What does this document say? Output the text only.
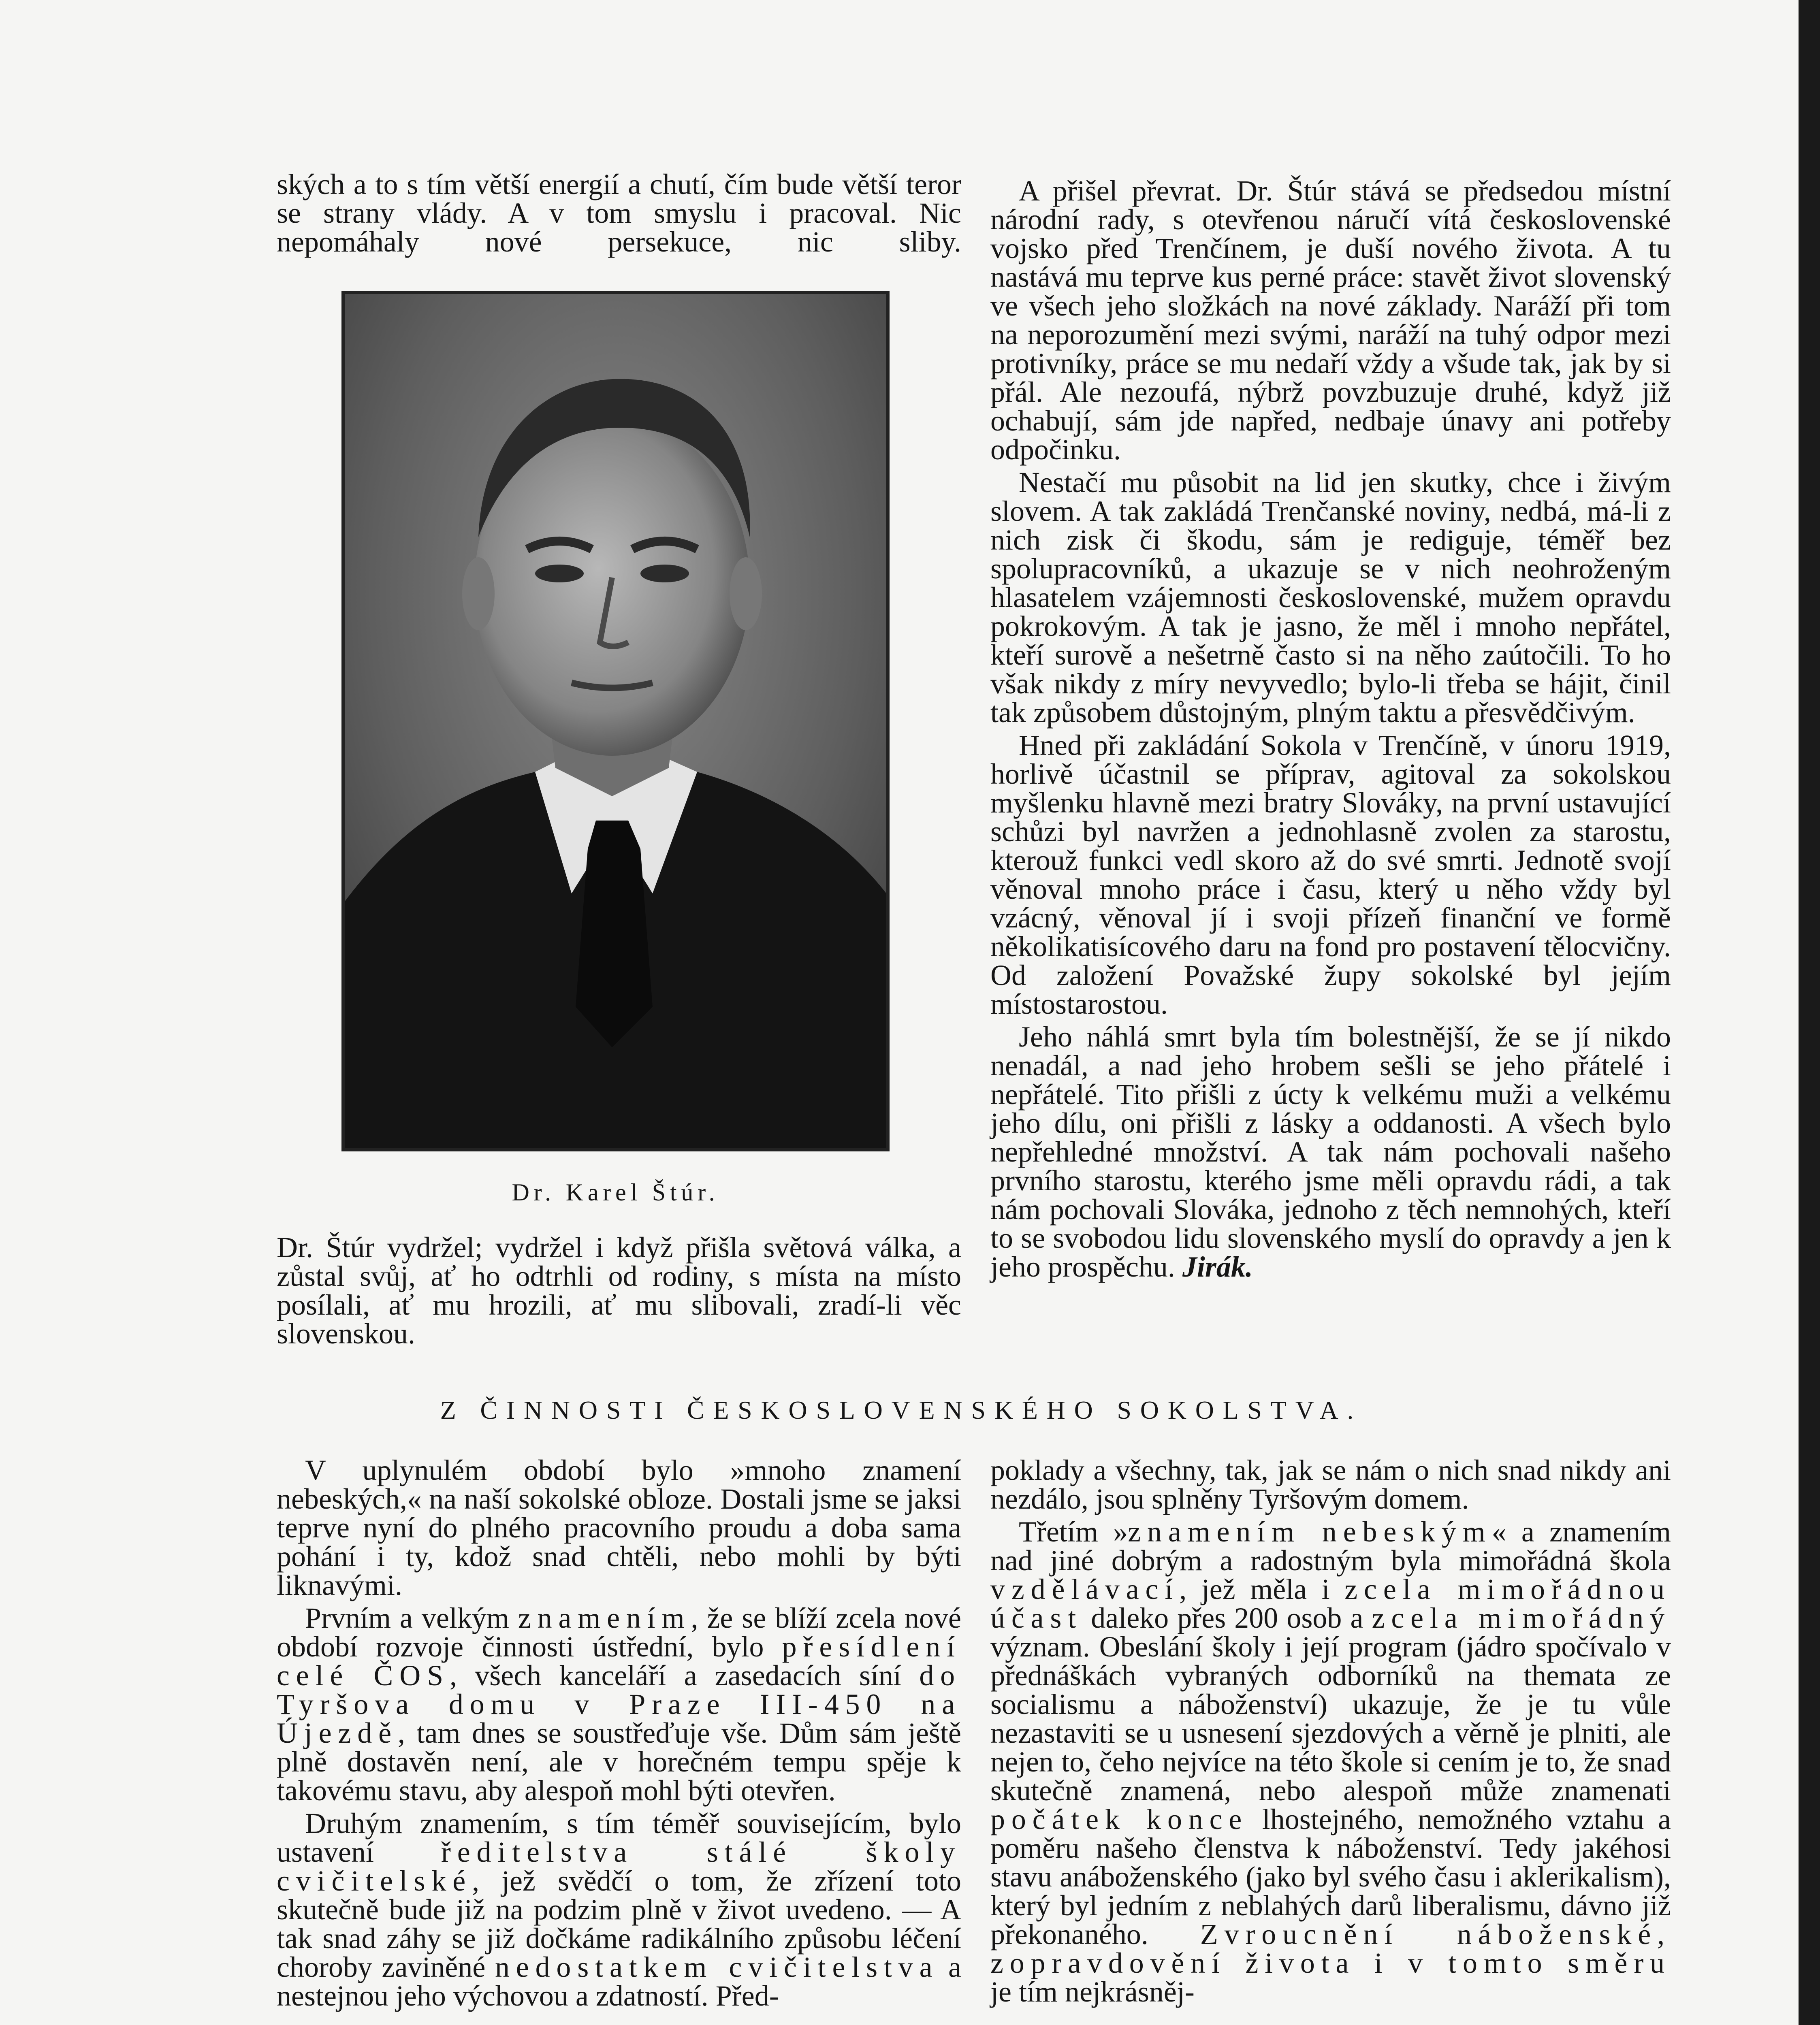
ských a to s tím větší energií a chutí, čím bude větší teror se strany vlády. A v tom smyslu i pracoval. Nic nepomáhaly nové persekuce, nic sliby.

Dr. Karel Štúr.

Dr. Štúr vydržel; vydržel i když přišla světová válka, a zůstal svůj, ať ho odtrhli od rodiny, s místa na místo posílali, ať mu hrozili, ať mu slibovali, zradí-li věc slovenskou.

A přišel převrat. Dr. Štúr stává se předsedou místní národní rady, s otevřenou náručí vítá československé vojsko před Trenčínem, je duší nového života. A tu nastává mu teprve kus perné práce: stavět život slovenský ve všech jeho složkách na nové základy. Naráží při tom na neporozumění mezi svými, naráží na tuhý odpor mezi protivníky, práce se mu nedaří vždy a všude tak, jak by si přál. Ale nezoufá, nýbrž povzbuzuje druhé, když již ochabují, sám jde napřed, nedbaje únavy ani potřeby odpočinku.

Nestačí mu působit na lid jen skutky, chce i živým slovem. A tak zakládá Trenčanské noviny, nedbá, má-li z nich zisk či škodu, sám je rediguje, téměř bez spolupracovníků, a ukazuje se v nich neohroženým hlasatelem vzájemnosti československé, mužem opravdu pokrokovým. A tak je jasno, že měl i mnoho nepřátel, kteří surově a nešetrně často si na něho zaútočili. To ho však nikdy z míry nevyvedlo; bylo-li třeba se hájit, činil tak způsobem důstojným, plným taktu a přesvědčivým.

Hned při zakládání Sokola v Trenčíně, v únoru 1919, horlivě účastnil se příprav, agitoval za sokolskou myšlenku hlavně mezi bratry Slováky, na první ustavující schůzi byl navržen a jednohlasně zvolen za starostu, kterouž funkci vedl skoro až do své smrti. Jednotě svojí věnoval mnoho práce i času, který u něho vždy byl vzácný, věnoval jí i svoji přízeň finanční ve formě několikatisícového daru na fond pro postavení tělocvičny. Od založení Považské župy sokolské byl jejím místostarostou.

Jeho náhlá smrt byla tím bolestnější, že se jí nikdo nenadál, a nad jeho hrobem sešli se jeho přátelé i nepřátelé. Tito přišli z úcty k velkému muži a velkému jeho dílu, oni přišli z lásky a oddanosti. A všech bylo nepřehledné množství. A tak nám pochovali našeho prvního starostu, kterého jsme měli opravdu rádi, a tak nám pochovali Slováka, jednoho z těch nemnohých, kteří to se svobodou lidu slovenského myslí do opravdy a jen k jeho prospěchu. Jirák.

Z ČINNOSTI ČESKOSLOVENSKÉHO SOKOLSTVA.

V uplynulém období bylo »mnoho znamení nebeských,« na naší sokolské obloze. Dostali jsme se jaksi teprve nyní do plného pracovního proudu a doba sama pohání i ty, kdož snad chtěli, nebo mohli by býti liknavými.

Prvním a velkým znamením, že se blíží zcela nové období rozvoje činnosti ústřední, bylo přesídlení celé ČOS, všech kanceláří a zasedacích síní do Tyršova domu v Praze III-450 na Újezdě, tam dnes se soustřeďuje vše. Dům sám ještě plně dostavěn není, ale v horečném tempu spěje k takovému stavu, aby alespoň mohl býti otevřen.

Druhým znamením, s tím téměř souvisejícím, bylo ustavení ředitelstva stálé školy cvičitelské, jež svědčí o tom, že zřízení toto skutečně bude již na podzim plně v život uvedeno. — A tak snad záhy se již dočkáme radikálního způsobu léčení choroby zaviněné nedostatkem cvičitelstva a nestejnou jeho výchovou a zdatností. Před-

poklady a všechny, tak, jak se nám o nich snad nikdy ani nezdálo, jsou splněny Tyršovým domem.

Třetím »znamením nebeským« a znamením nad jiné dobrým a radostným byla mimořádná škola vzdělávací, jež měla i zcela mimořádnou účast daleko přes 200 osob a zcela mimořádný význam. Obeslání školy i její program (jádro spočívalo v přednáškách vybraných odborníků na themata ze socialismu a náboženství) ukazuje, že je tu vůle nezastaviti se u usnesení sjezdových a věrně je plniti, ale nejen to, čeho nejvíce na této škole si cením je to, že snad skutečně znamená, nebo alespoň může znamenati počátek konce lhostejného, nemožného vztahu a poměru našeho členstva k náboženství. Tedy jakéhosi stavu anáboženského (jako byl svého času i aklerikalism), který byl jedním z neblahých darů liberalismu, dávno již překonaného. Zvroucnění náboženské, zopravdovění života i v tomto směru je tím nejkrásněj-
